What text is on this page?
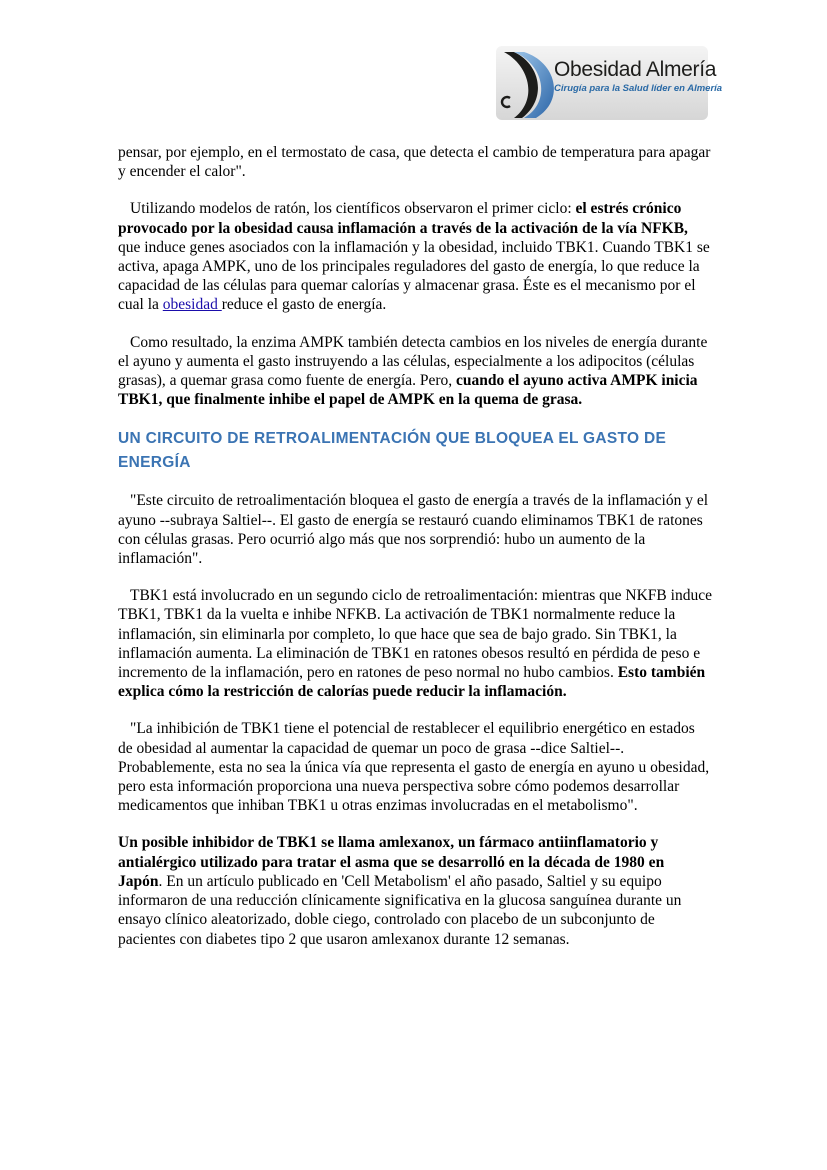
Obesidad Almería
Cirugía para la Salud líder en Almería

pensar, por ejemplo, en el termostato de casa, que detecta el cambio de temperatura para apagar y encender el calor".

Utilizando modelos de ratón, los científicos observaron el primer ciclo: el estrés crónico provocado por la obesidad causa inflamación a través de la activación de la vía NFKB, que induce genes asociados con la inflamación y la obesidad, incluido TBK1. Cuando TBK1 se activa, apaga AMPK, uno de los principales reguladores del gasto de energía, lo que reduce la capacidad de las células para quemar calorías y almacenar grasa. Éste es el mecanismo por el cual la obesidad reduce el gasto de energía.

Como resultado, la enzima AMPK también detecta cambios en los niveles de energía durante el ayuno y aumenta el gasto instruyendo a las células, especialmente a los adipocitos (células grasas), a quemar grasa como fuente de energía. Pero, cuando el ayuno activa AMPK inicia TBK1, que finalmente inhibe el papel de AMPK en la quema de grasa.

UN CIRCUITO DE RETROALIMENTACIÓN QUE BLOQUEA EL GASTO DE ENERGÍA

"Este circuito de retroalimentación bloquea el gasto de energía a través de la inflamación y el ayuno --subraya Saltiel--. El gasto de energía se restauró cuando eliminamos TBK1 de ratones con células grasas. Pero ocurrió algo más que nos sorprendió: hubo un aumento de la inflamación".

TBK1 está involucrado en un segundo ciclo de retroalimentación: mientras que NKFB induce TBK1, TBK1 da la vuelta e inhibe NFKB. La activación de TBK1 normalmente reduce la inflamación, sin eliminarla por completo, lo que hace que sea de bajo grado. Sin TBK1, la inflamación aumenta. La eliminación de TBK1 en ratones obesos resultó en pérdida de peso e incremento de la inflamación, pero en ratones de peso normal no hubo cambios. Esto también explica cómo la restricción de calorías puede reducir la inflamación.

"La inhibición de TBK1 tiene el potencial de restablecer el equilibrio energético en estados de obesidad al aumentar la capacidad de quemar un poco de grasa --dice Saltiel--. Probablemente, esta no sea la única vía que representa el gasto de energía en ayuno u obesidad, pero esta información proporciona una nueva perspectiva sobre cómo podemos desarrollar medicamentos que inhiban TBK1 u otras enzimas involucradas en el metabolismo".

Un posible inhibidor de TBK1 se llama amlexanox, un fármaco antiinflamatorio y antialérgico utilizado para tratar el asma que se desarrolló en la década de 1980 en Japón. En un artículo publicado en 'Cell Metabolism' el año pasado, Saltiel y su equipo informaron de una reducción clínicamente significativa en la glucosa sanguínea durante un ensayo clínico aleatorizado, doble ciego, controlado con placebo de un subconjunto de pacientes con diabetes tipo 2 que usaron amlexanox durante 12 semanas.
